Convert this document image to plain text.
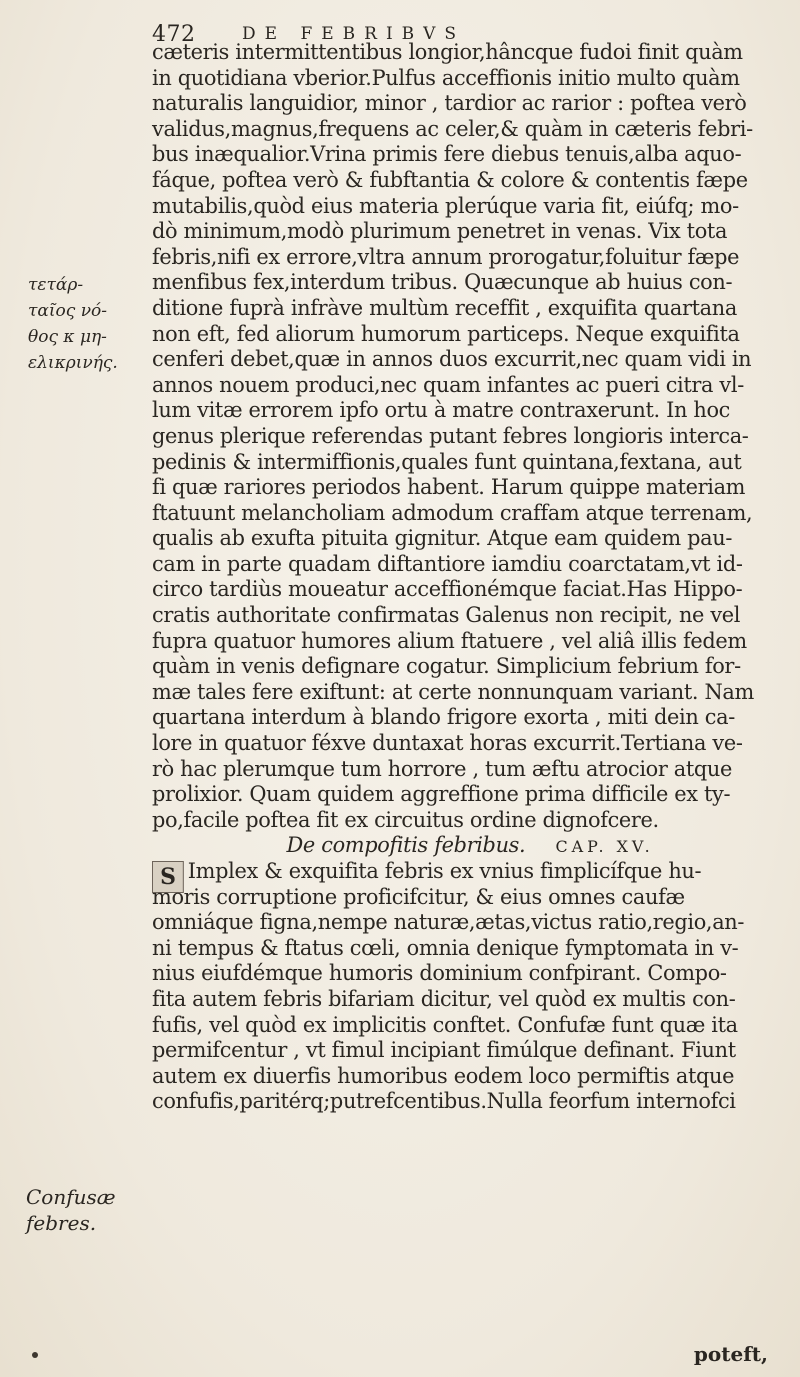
472	DE FEBRIBVS
τετάρ-
ταῖος νό-
θος κ μη-
ελικρινής.
cæteris intermittentibus longior,hâncque fudoi finit quàm
in quotidiana vberior.Pulfus acceffionis initio multo quàm
naturalis languidior, minor , tardior ac rarior : poftea verò
validus,magnus,frequens ac celer,& quàm in cæteris febri-
bus inæqualior.Vrina primis fere diebus tenuis,alba aquo-
fáque, poftea verò & fubftantia & colore & contentis fæpe
mutabilis,quòd eius materia plerúque varia fit, eiúfq; mo-
dò minimum,modò plurimum penetret in venas. Vix tota
febris,nifi ex errore,vltra annum prorogatur,foluitur fæpe
menfibus fex,interdum tribus. Quæcunque ab huius con-
ditione fuprà infràve multùm receffit , exquifita quartana
non eft, fed aliorum humorum particeps. Neque exquifita
cenferi debet,quæ in annos duos excurrit,nec quam vidi in
annos nouem produci,nec quam infantes ac pueri citra vl-
lum vitæ errorem ipfo ortu à matre contraxerunt. In hoc
genus plerique referendas putant febres longioris interca-
pedinis & intermiffionis,quales funt quintana,fextana, aut
fi quæ rariores periodos habent. Harum quippe materiam
ftatuunt melancholiam admodum craffam atque terrenam,
qualis ab exufta pituita gignitur. Atque eam quidem pau-
cam in parte quadam diftantiore iamdiu coarctatam,vt id-
circo tardiùs moueatur acceffionémque faciat.Has Hippo-
cratis authoritate confirmatas Galenus non recipit, ne vel
fupra quatuor humores alium ftatuere , vel aliâ illis fedem
quàm in venis defignare cogatur. Simplicium febrium for-
mæ tales fere exiftunt: at certe nonnunquam variant. Nam
quartana interdum à blando frigore exorta , miti dein ca-
lore in quatuor féxve duntaxat horas excurrit.Tertiana ve-
rò hac plerumque tum horrore , tum æftu atrocior atque
prolixior. Quam quidem aggreffione prima difficile ex ty-
po,facile poftea fit ex circuitus ordine dignofcere.
De compofitis febribus. CAP. XV.
S Implex & exquifita febris ex vnius fimplicífque hu-
moris corruptione proficifcitur, & eius omnes caufæ
omniáque figna,nempe naturæ,ætas,victus ratio,regio,an-
ni tempus & ftatus cœli, omnia denique fymptomata in v-
nius eiufdémque humoris dominium confpirant. Compo-
fita autem febris bifariam dicitur, vel quòd ex multis con-
fufis, vel quòd ex implicitis conftet. Confufæ funt quæ ita
permifcentur , vt fimul incipiant fimúlque definant. Fiunt
autem ex diuerfis humoribus eodem loco permiftis atque
confufis,paritérq;putrefcentibus.Nulla feorfum internofci
Confusæ
febres.
poteft,
